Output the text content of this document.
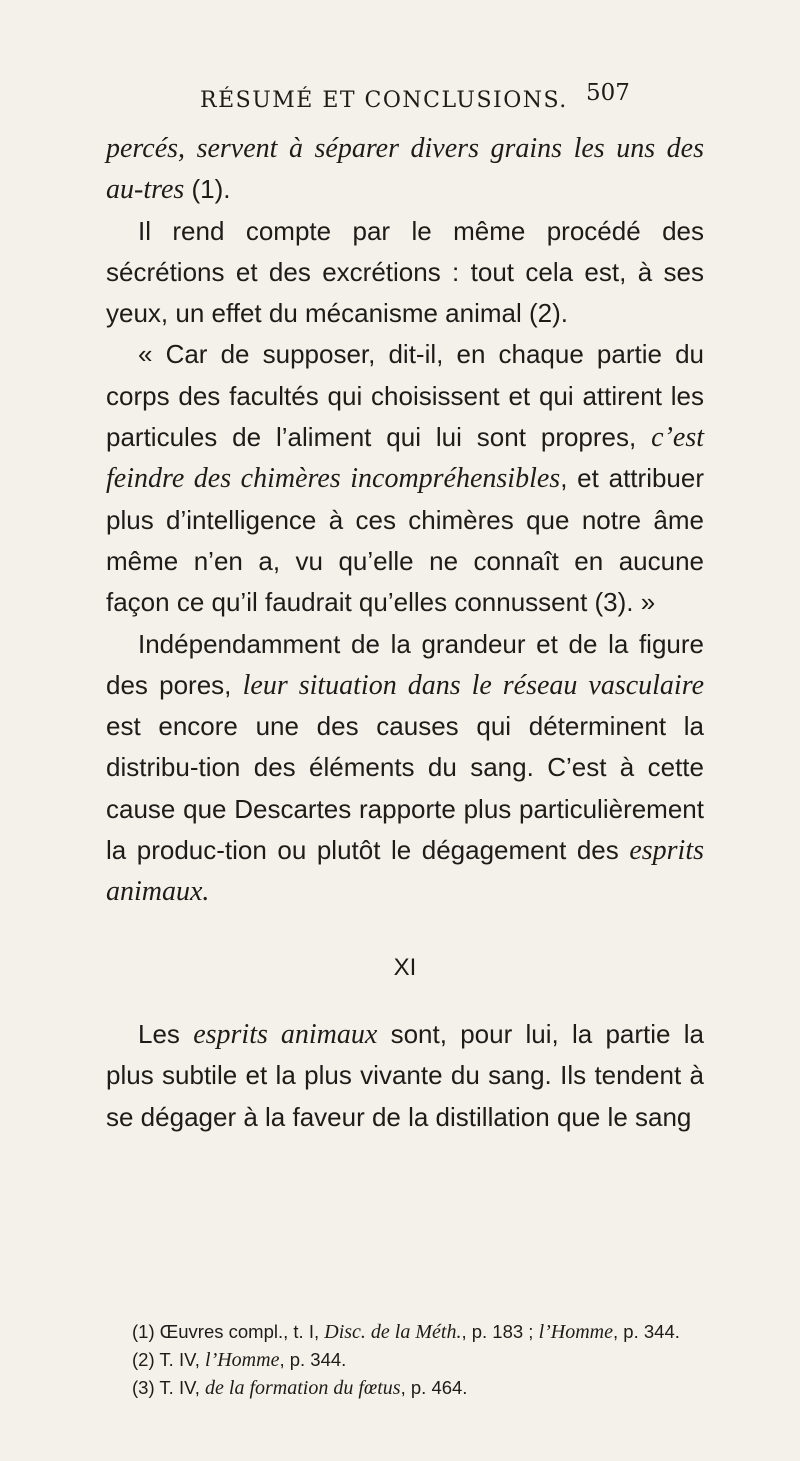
RÉSUMÉ ET CONCLUSIONS. 507

percés, servent à séparer divers grains les uns des au-tres (1).

Il rend compte par le même procédé des sécrétions et des excrétions : tout cela est, à ses yeux, un effet du mécanisme animal (2).

« Car de supposer, dit-il, en chaque partie du corps des facultés qui choisissent et qui attirent les particules de l’aliment qui lui sont propres, c’est feindre des chimères incompréhensibles, et attribuer plus d’intelligence à ces chimères que notre âme même n’en a, vu qu’elle ne connaît en aucune façon ce qu’il faudrait qu’elles connussent (3). »

Indépendamment de la grandeur et de la figure des pores, leur situation dans le réseau vasculaire est encore une des causes qui déterminent la distribu-tion des éléments du sang. C’est à cette cause que Descartes rapporte plus particulièrement la produc-tion ou plutôt le dégagement des esprits animaux.

XI

Les esprits animaux sont, pour lui, la partie la plus subtile et la plus vivante du sang. Ils tendent à se dégager à la faveur de la distillation que le sang

(1) Œuvres compl., t. I, Disc. de la Méth., p. 183 ; l’Homme, p. 344.

(2) T. IV, l’Homme, p. 344.

(3) T. IV, de la formation du fœtus, p. 464.
